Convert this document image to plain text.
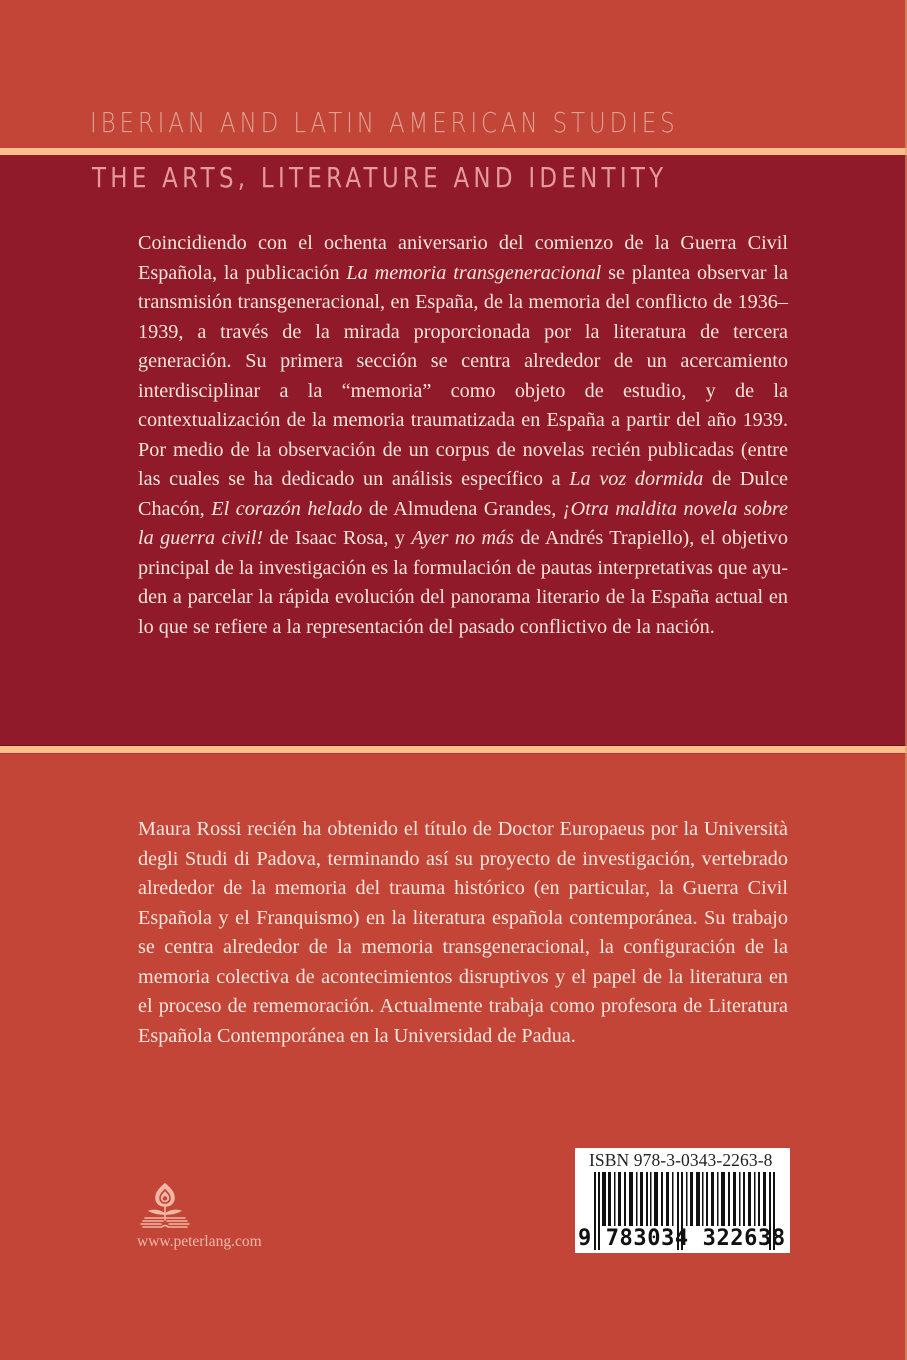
IBERIAN AND LATIN AMERICAN STUDIES
THE ARTS, LITERATURE AND IDENTITY
Coincidiendo con el ochenta aniversario del comienzo de la Guerra Civil Española, la publicación La memoria transgeneracional se plantea observar la transmisión transgeneracional, en España, de la memoria del conflicto de 1936–1939, a través de la mirada proporcionada por la literatura de tercera generación. Su primera sección se centra alrededor de un acercamiento interdisciplinar a la “memoria” como objeto de estudio, y de la contextualización de la memoria traumatizada en España a partir del año 1939. Por medio de la observación de un corpus de novelas recién publicadas (entre las cuales se ha dedicado un análisis específico a La voz dormida de Dulce Chacón, El corazón helado de Almudena Grandes, ¡Otra maldita novela sobre la guerra civil! de Isaac Rosa, y Ayer no más de Andrés Trapiello), el objetivo principal de la investigación es la formulación de pautas interpretativas que ayuden a parcelar la rápida evolución del panorama literario de la España actual en lo que se refiere a la representación del pasado conflictivo de la nación.
Maura Rossi recién ha obtenido el título de Doctor Europaeus por la Università degli Studi di Padova, terminando así su proyecto de investigación, vertebrado alrededor de la memoria del trauma histórico (en particular, la Guerra Civil Española y el Franquismo) en la literatura española contemporánea. Su trabajo se centra alrededor de la memoria transgeneracional, la configuración de la memoria colectiva de acontecimientos disruptivos y el papel de la literatura en el proceso de rememoración. Actualmente trabaja como profesora de Literatura Española Contemporánea en la Universidad de Padua.
www.peterlang.com
ISBN 978-3-0343-2263-8
9 783034 322638
